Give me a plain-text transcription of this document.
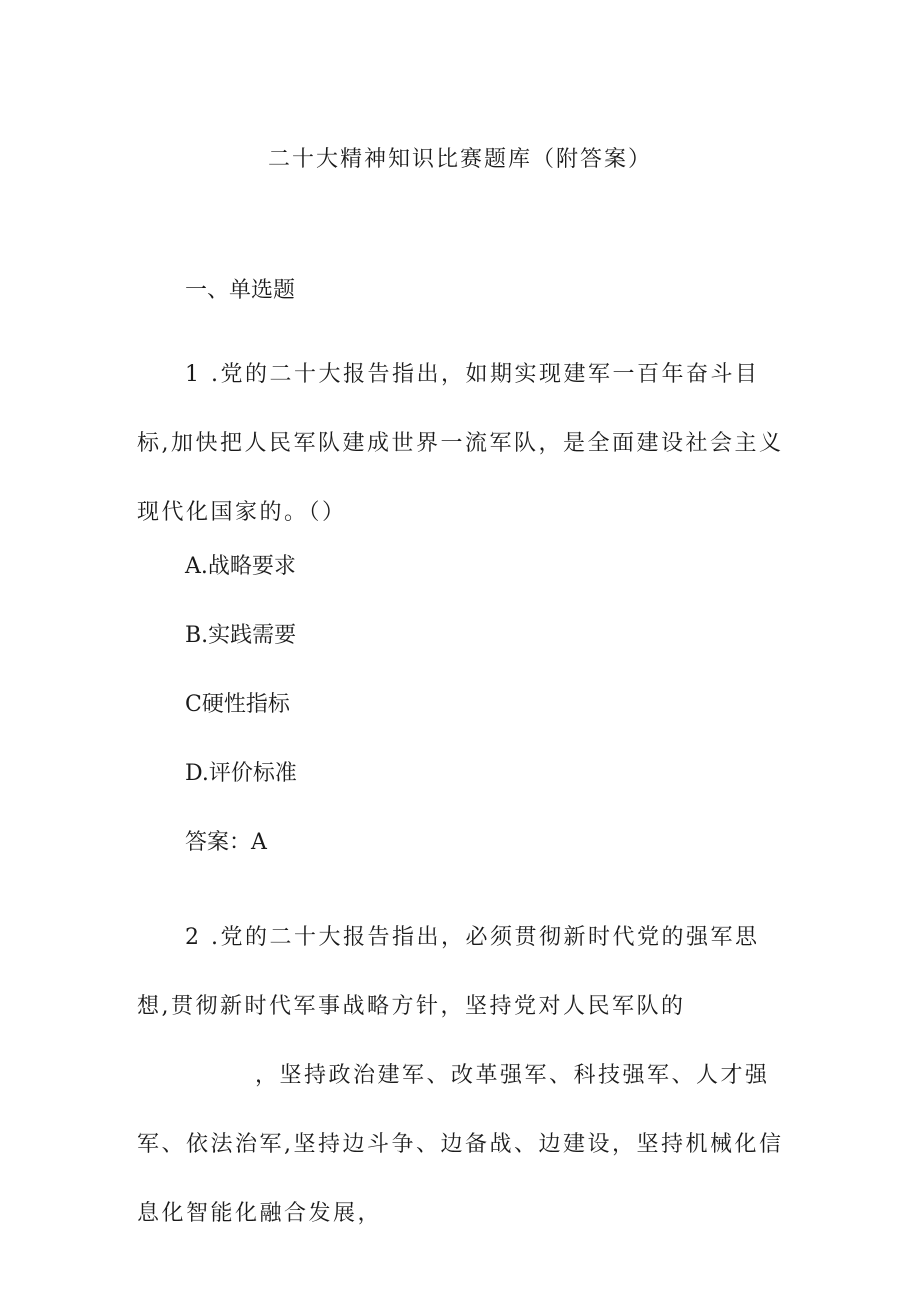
二十大精神知识比赛题库（附答案）
一、单选题
1 .党的二十大报告指出，如期实现建军一百年奋斗目标,加快把人民军队建成世界一流军队，是全面建设社会主义现代化国家的。（）
A.战略要求
B.实践需要
C硬性指标
D.评价标准
答案：A
2 .党的二十大报告指出，必须贯彻新时代党的强军思想,贯彻新时代军事战略方针，坚持党对人民军队的，坚持政治建军、改革强军、科技强军、人才强军、依法治军,坚持边斗争、边备战、边建设，坚持机械化信息化智能化融合发展，
